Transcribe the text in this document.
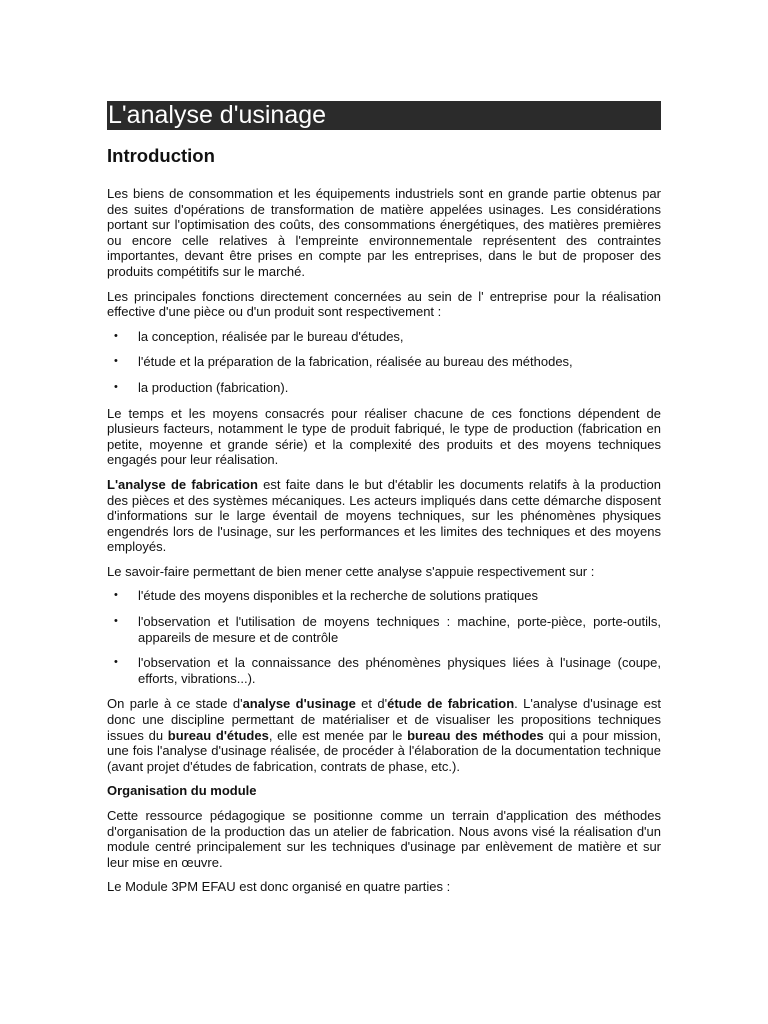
L'analyse d'usinage
Introduction

Les biens de consommation et les équipements industriels sont en grande partie obtenus par des suites d'opérations de transformation de matière appelées usinages. Les considérations portant sur l'optimisation des coûts, des consommations énergétiques, des matières premières ou encore celle relatives à l'empreinte environnementale représentent des contraintes importantes, devant être prises en compte par les entreprises, dans le but de proposer des produits compétitifs sur le marché.

Les principales fonctions directement concernées au sein de l' entreprise pour la réalisation effective d'une pièce ou d'un produit sont respectivement :

• la conception, réalisée par le bureau d'études,
• l'étude et la préparation de la fabrication, réalisée au bureau des méthodes,
• la production (fabrication).

Le temps et les moyens consacrés pour réaliser chacune de ces fonctions dépendent de plusieurs facteurs, notamment le type de produit fabriqué, le type de production (fabrication en petite, moyenne et grande série) et la complexité des produits et des moyens techniques engagés pour leur réalisation.

L'analyse de fabrication est faite dans le but d'établir les documents relatifs à la production des pièces et des systèmes mécaniques. Les acteurs impliqués dans cette démarche disposent d'informations sur le large éventail de moyens techniques, sur les phénomènes physiques engendrés lors de l'usinage, sur les performances et les limites des techniques et des moyens employés.

Le savoir-faire permettant de bien mener cette analyse s'appuie respectivement sur :

• l'étude des moyens disponibles et la recherche de solutions pratiques
• l'observation et l'utilisation de moyens techniques : machine, porte-pièce, porte-outils, appareils de mesure et de contrôle
• l'observation et la connaissance des phénomènes physiques liées à l'usinage (coupe, efforts, vibrations...).

On parle à ce stade d'analyse d'usinage et d'étude de fabrication. L'analyse d'usinage est donc une discipline permettant de matérialiser et de visualiser les propositions techniques issues du bureau d'études, elle est menée par le bureau des méthodes qui a pour mission, une fois l'analyse d'usinage réalisée, de procéder à l'élaboration de la documentation technique (avant projet d'études de fabrication, contrats de phase, etc.).

Organisation du module

Cette ressource pédagogique se positionne comme un terrain d'application des méthodes d'organisation de la production das un atelier de fabrication. Nous avons visé la réalisation d'un module centré principalement sur les techniques d'usinage par enlèvement de matière et sur leur mise en œuvre.

Le Module 3PM EFAU est donc organisé en quatre parties :
